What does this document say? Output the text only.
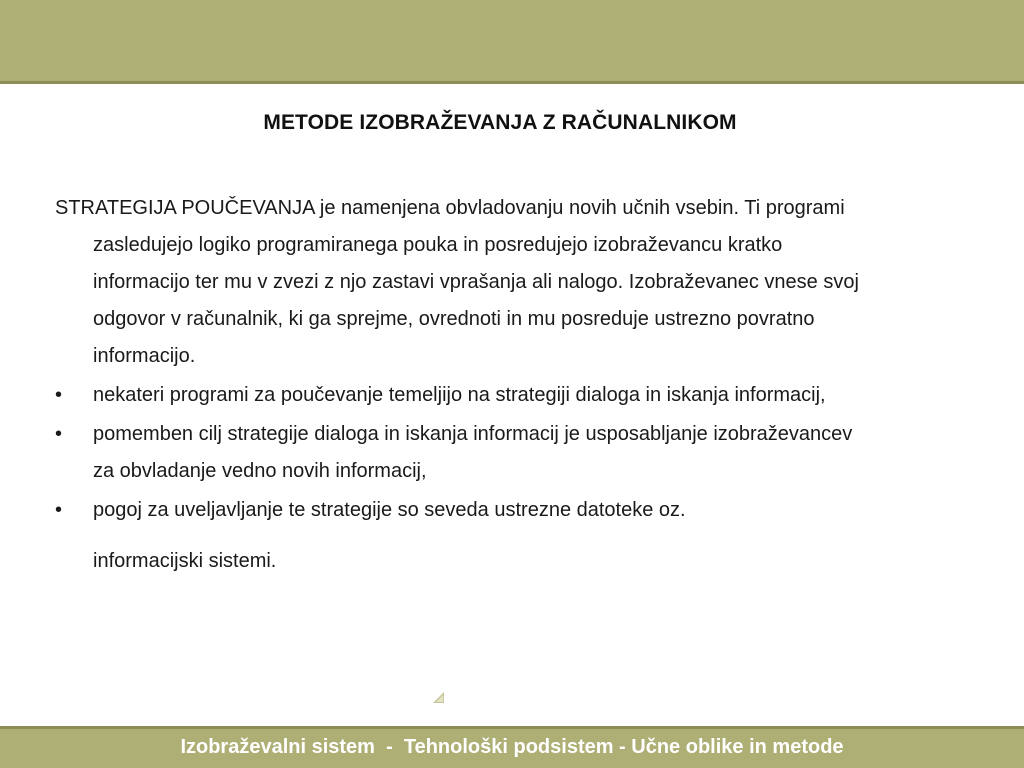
METODE IZOBRAŽEVANJA Z RAČUNALNIKOM

STRATEGIJA POUČEVANJA je namenjena obvladovanju novih učnih vsebin. Ti programi zasledujejo logiko programiranega pouka in posredujejo izobraževancu kratko informacijo ter mu v zvezi z njo zastavi vprašanja ali nalogo. Izobraževanec vnese svoj odgovor v računalnik, ki ga sprejme, ovrednoti in mu posreduje ustrezno povratno informacijo.

•	nekateri programi za poučevanje temeljijo na strategiji dialoga in iskanja informacij,
•	pomemben cilj strategije dialoga in iskanja informacij je usposabljanje izobraževancev za obvladanje vedno novih informacij,
•	pogoj za uveljavljanje te strategije so seveda ustrezne datoteke oz.
informacijski sistemi.
Izobraževalni sistem  -  Tehnološki podsistem - Učne oblike in metode
